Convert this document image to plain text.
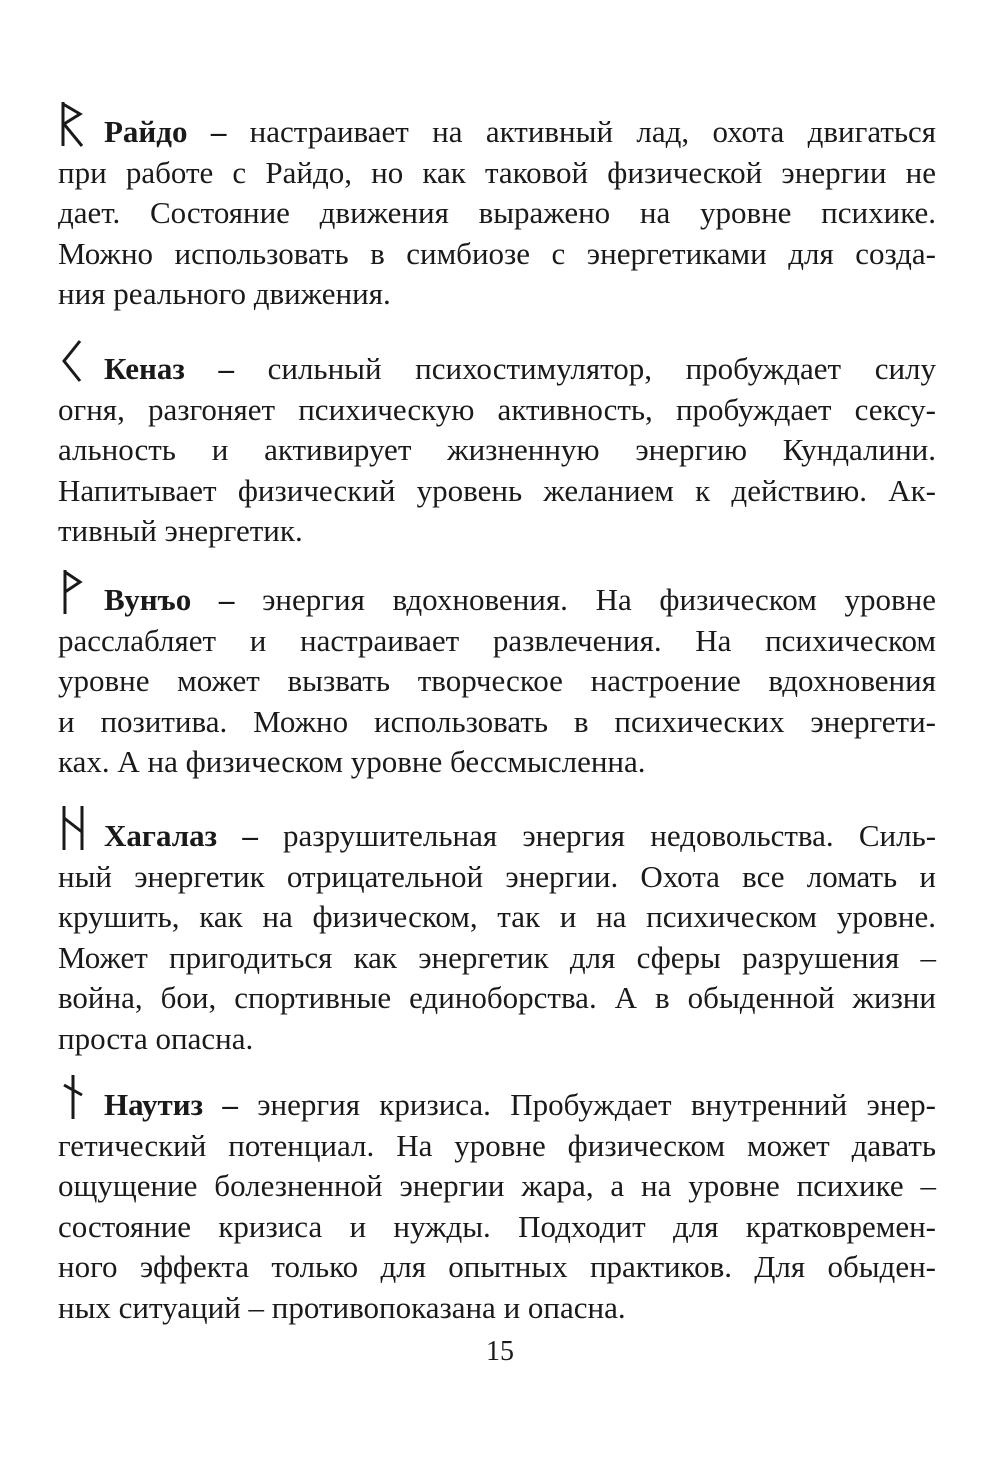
Райдо – настраивает на активный лад, охота двигаться
при работе с Райдо, но как таковой физической энергии не
дает. Состояние движения выражено на уровне психике.
Можно использовать в симбиозе с энергетиками для созда-
ния реального движения.
Кеназ – сильный психостимулятор, пробуждает силу
огня, разгоняет психическую активность, пробуждает сексу-
альность и активирует жизненную энергию Кундалини.
Напитывает физический уровень желанием к действию. Ак-
тивный энергетик.
Вунъо – энергия вдохновения. На физическом уровне
расслабляет и настраивает развлечения. На психическом
уровне может вызвать творческое настроение вдохновения
и позитива. Можно использовать в психических энергети-
ках. А на физическом уровне бессмысленна.
Хагалаз – разрушительная энергия недовольства. Силь-
ный энергетик отрицательной энергии. Охота все ломать и
крушить, как на физическом, так и на психическом уровне.
Может пригодиться как энергетик для сферы разрушения –
война, бои, спортивные единоборства. А в обыденной жизни
проста опасна.
Наутиз – энергия кризиса. Пробуждает внутренний энер-
гетический потенциал. На уровне физическом может давать
ощущение болезненной энергии жара, а на уровне психике –
состояние кризиса и нужды. Подходит для кратковремен-
ного эффекта только для опытных практиков. Для обыден-
ных ситуаций – противопоказана и опасна.
15
